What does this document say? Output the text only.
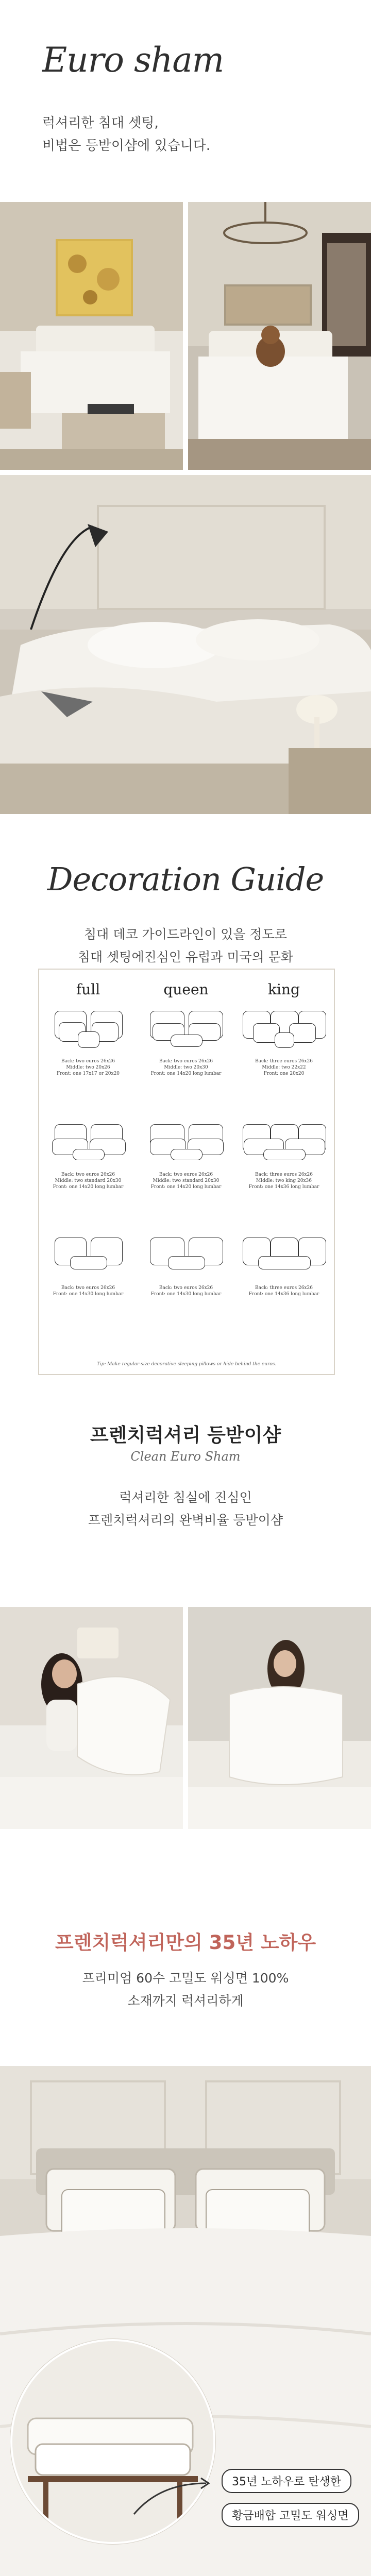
Euro sham
럭셔리한 침대 셋팅,
비법은 등받이샴에 있습니다.
Decoration Guide
침대 데코 가이드라인이 있을 정도로
침대 셋팅에진심인 유럽과 미국의 문화
full	queen	king
Back: two euros 26x26
Middle: two 20x26
Front: one 17x17 or 20x20
Back: two euros 26x26
Middle: two 20x30
Front: one 14x20 long lumbar
Back: three euros 26x26
Middle: two 22x22
Front: one 20x20
Back: two euros 26x26
Middle: two standard 20x30
Front: one 14x20 long lumbar
Back: two euros 26x26
Middle: two standard 20x30
Front: one 14x20 long lumbar
Back: three euros 26x26
Middle: two king 20x36
Front: one 14x36 long lumbar
Back: two euros 26x26
Front: one 14x30 long lumbar
Back: two euros 26x26
Front: one 14x30 long lumbar
Back: three euros 26x26
Front: one 14x36 long lumbar
Tip: Make regular-size decorative sleeping pillows or hide behind the euros.
프렌치럭셔리 등받이샴
Clean Euro Sham
럭셔리한 침실에 진심인
프렌치럭셔리의 완벽비율 등받이샴
프렌치럭셔리만의 35년 노하우
프리미엄 60수 고밀도 워싱면 100%
소재까지 럭셔리하게
35년 노하우로 탄생한
황금배합 고밀도 워싱면
